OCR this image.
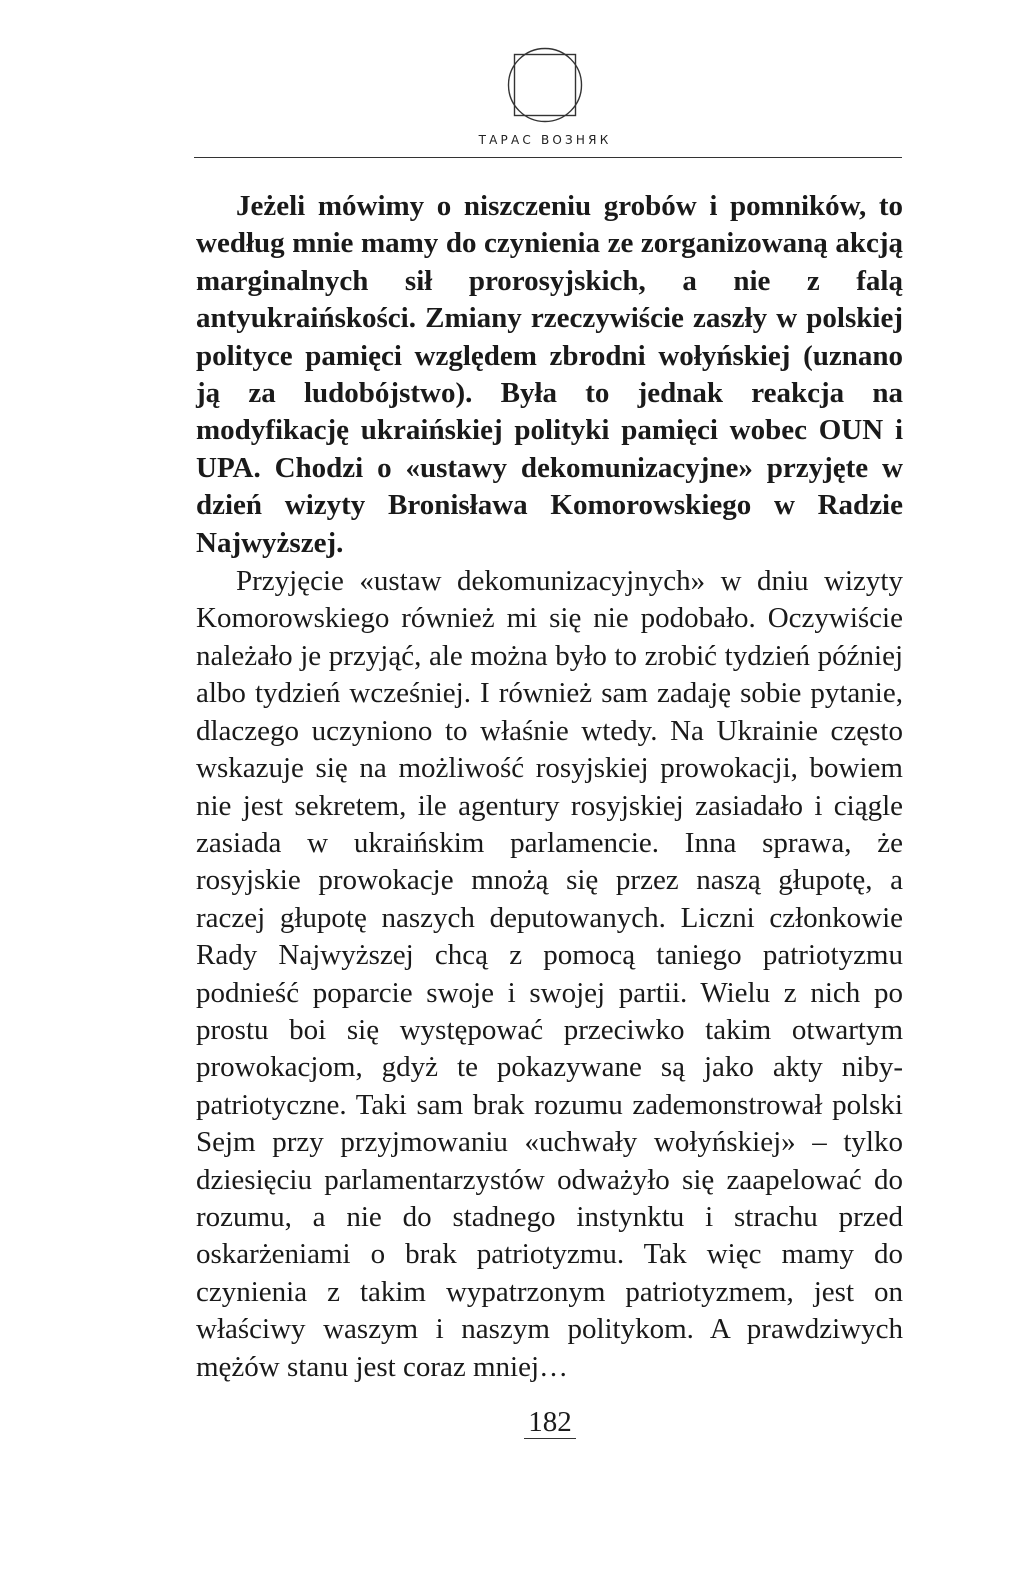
ТАРАС ВОЗНЯК

Jeżeli mówimy o niszczeniu grobów i pomników, to według mnie mamy do czynienia ze zorganizowaną akcją marginalnych sił prorosyjskich, a nie z falą antyukraińskości. Zmiany rzeczywiście zaszły w polskiej polityce pamięci względem zbrodni wołyńskiej (uznano ją za ludobójstwo). Była to jednak reakcja na modyfikację ukraińskiej polityki pamięci wobec OUN i UPA. Chodzi o «ustawy dekomunizacyjne» przyjęte w dzień wizyty Bronisława Komorowskiego w Radzie Najwyższej.

Przyjęcie «ustaw dekomunizacyjnych» w dniu wizyty Komorowskiego również mi się nie podobało. Oczywiście należało je przyjąć, ale można było to zrobić tydzień później albo tydzień wcześniej. I również sam zadaję sobie pytanie, dlaczego uczyniono to właśnie wtedy. Na Ukrainie często wskazuje się na możliwość rosyjskiej prowokacji, bowiem nie jest sekretem, ile agentury rosyjskiej zasiadało i ciągle zasiada w ukraińskim parlamencie. Inna sprawa, że rosyjskie prowokacje mnożą się przez naszą głupotę, a raczej głupotę naszych deputowanych. Liczni członkowie Rady Najwyższej chcą z pomocą taniego patriotyzmu podnieść poparcie swoje i swojej partii. Wielu z nich po prostu boi się występować przeciwko takim otwartym prowokacjom, gdyż te pokazywane są jako akty niby-patriotyczne. Taki sam brak rozumu zademonstrował polski Sejm przy przyjmowaniu «uchwały wołyńskiej» – tylko dziesięciu parlamentarzystów odważyło się zaapelować do rozumu, a nie do stadnego instynktu i strachu przed oskarżeniami o brak patriotyzmu. Tak więc mamy do czynienia z takim wypatrzonym patriotyzmem, jest on właściwy waszym i naszym politykom. A prawdziwych mężów stanu jest coraz mniej…

182
